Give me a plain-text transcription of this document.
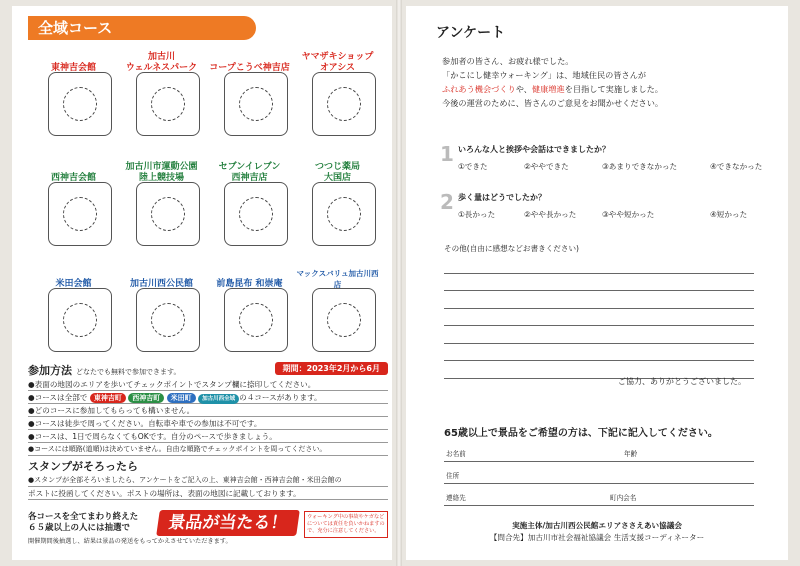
全域コース
東神吉会館
加古川
ウェルネスパーク	コープこうべ神吉店
ヤマザキショップ
オアシス
西神吉会館
加古川市運動公園
陸上競技場
セブンイレブン
西神吉店
つつじ薬局
大国店
米田会館	加古川西公民館	前島昆布 和崇庵
マックスバリュ加古川西店
参加方法 どなたでも無料で参加できます。	期間：2023年2月から6月
●表面の地図のエリアを歩いてチェックポイントでスタンプ欄に捺印してください。
●コースは全部で 東神吉町 西神吉町 米田町 加古川西全域 の４コースがあります。
●どのコースに参加してもらっても構いません。
●コースは徒歩で周ってください。自転車や車での参加は不可です。
●コースは、1日で周らなくてもOKです。自分のペースで歩きましょう。
●コースには順路(道順)は決めていません。自由な順路でチェックポイントを周ってください。
スタンプがそろったら
●スタンプが全部そろいましたら、アンケートをご記入の上、東神吉会館・西神吉会館・米田会館の
ポストに投函してください。ポストの場所は、表面の地図に記載しております。
各コースを全てまわり終えた
６５歳以上の人には抽選で	景品が当たる！	ウォーキング中の事故やケガなどについては責任を負いかねますので、充分に注意してください。
開催期間後抽選し、結果は景品の発送をもってかえさせていただきます。
アンケート
参加者の皆さん、お疲れ様でした。
「かこにし健幸ウォーキング」は、地域住民の皆さんが
ふれあう機会づくりや、健康増進を目指して実施しました。
今後の運営のために、皆さんのご意見をお聞かせください。
1 いろんな人と挨拶や会話はできましたか？
①できた	②ややできた	③あまりできなかった	④できなかった
2 歩く量はどうでしたか？
①長かった	②やや長かった	③やや短かった	④短かった
その他(自由に感想などお書きください)
ご協力、ありがとうございました。
65歳以上で景品をご希望の方は、下記に記入してください。
お名前	年齢
住所
連絡先	町内会名
実施主体/加古川西公民館エリアささえあい協議会
【問合先】加古川市社会福祉協議会 生活支援コーディネーター
